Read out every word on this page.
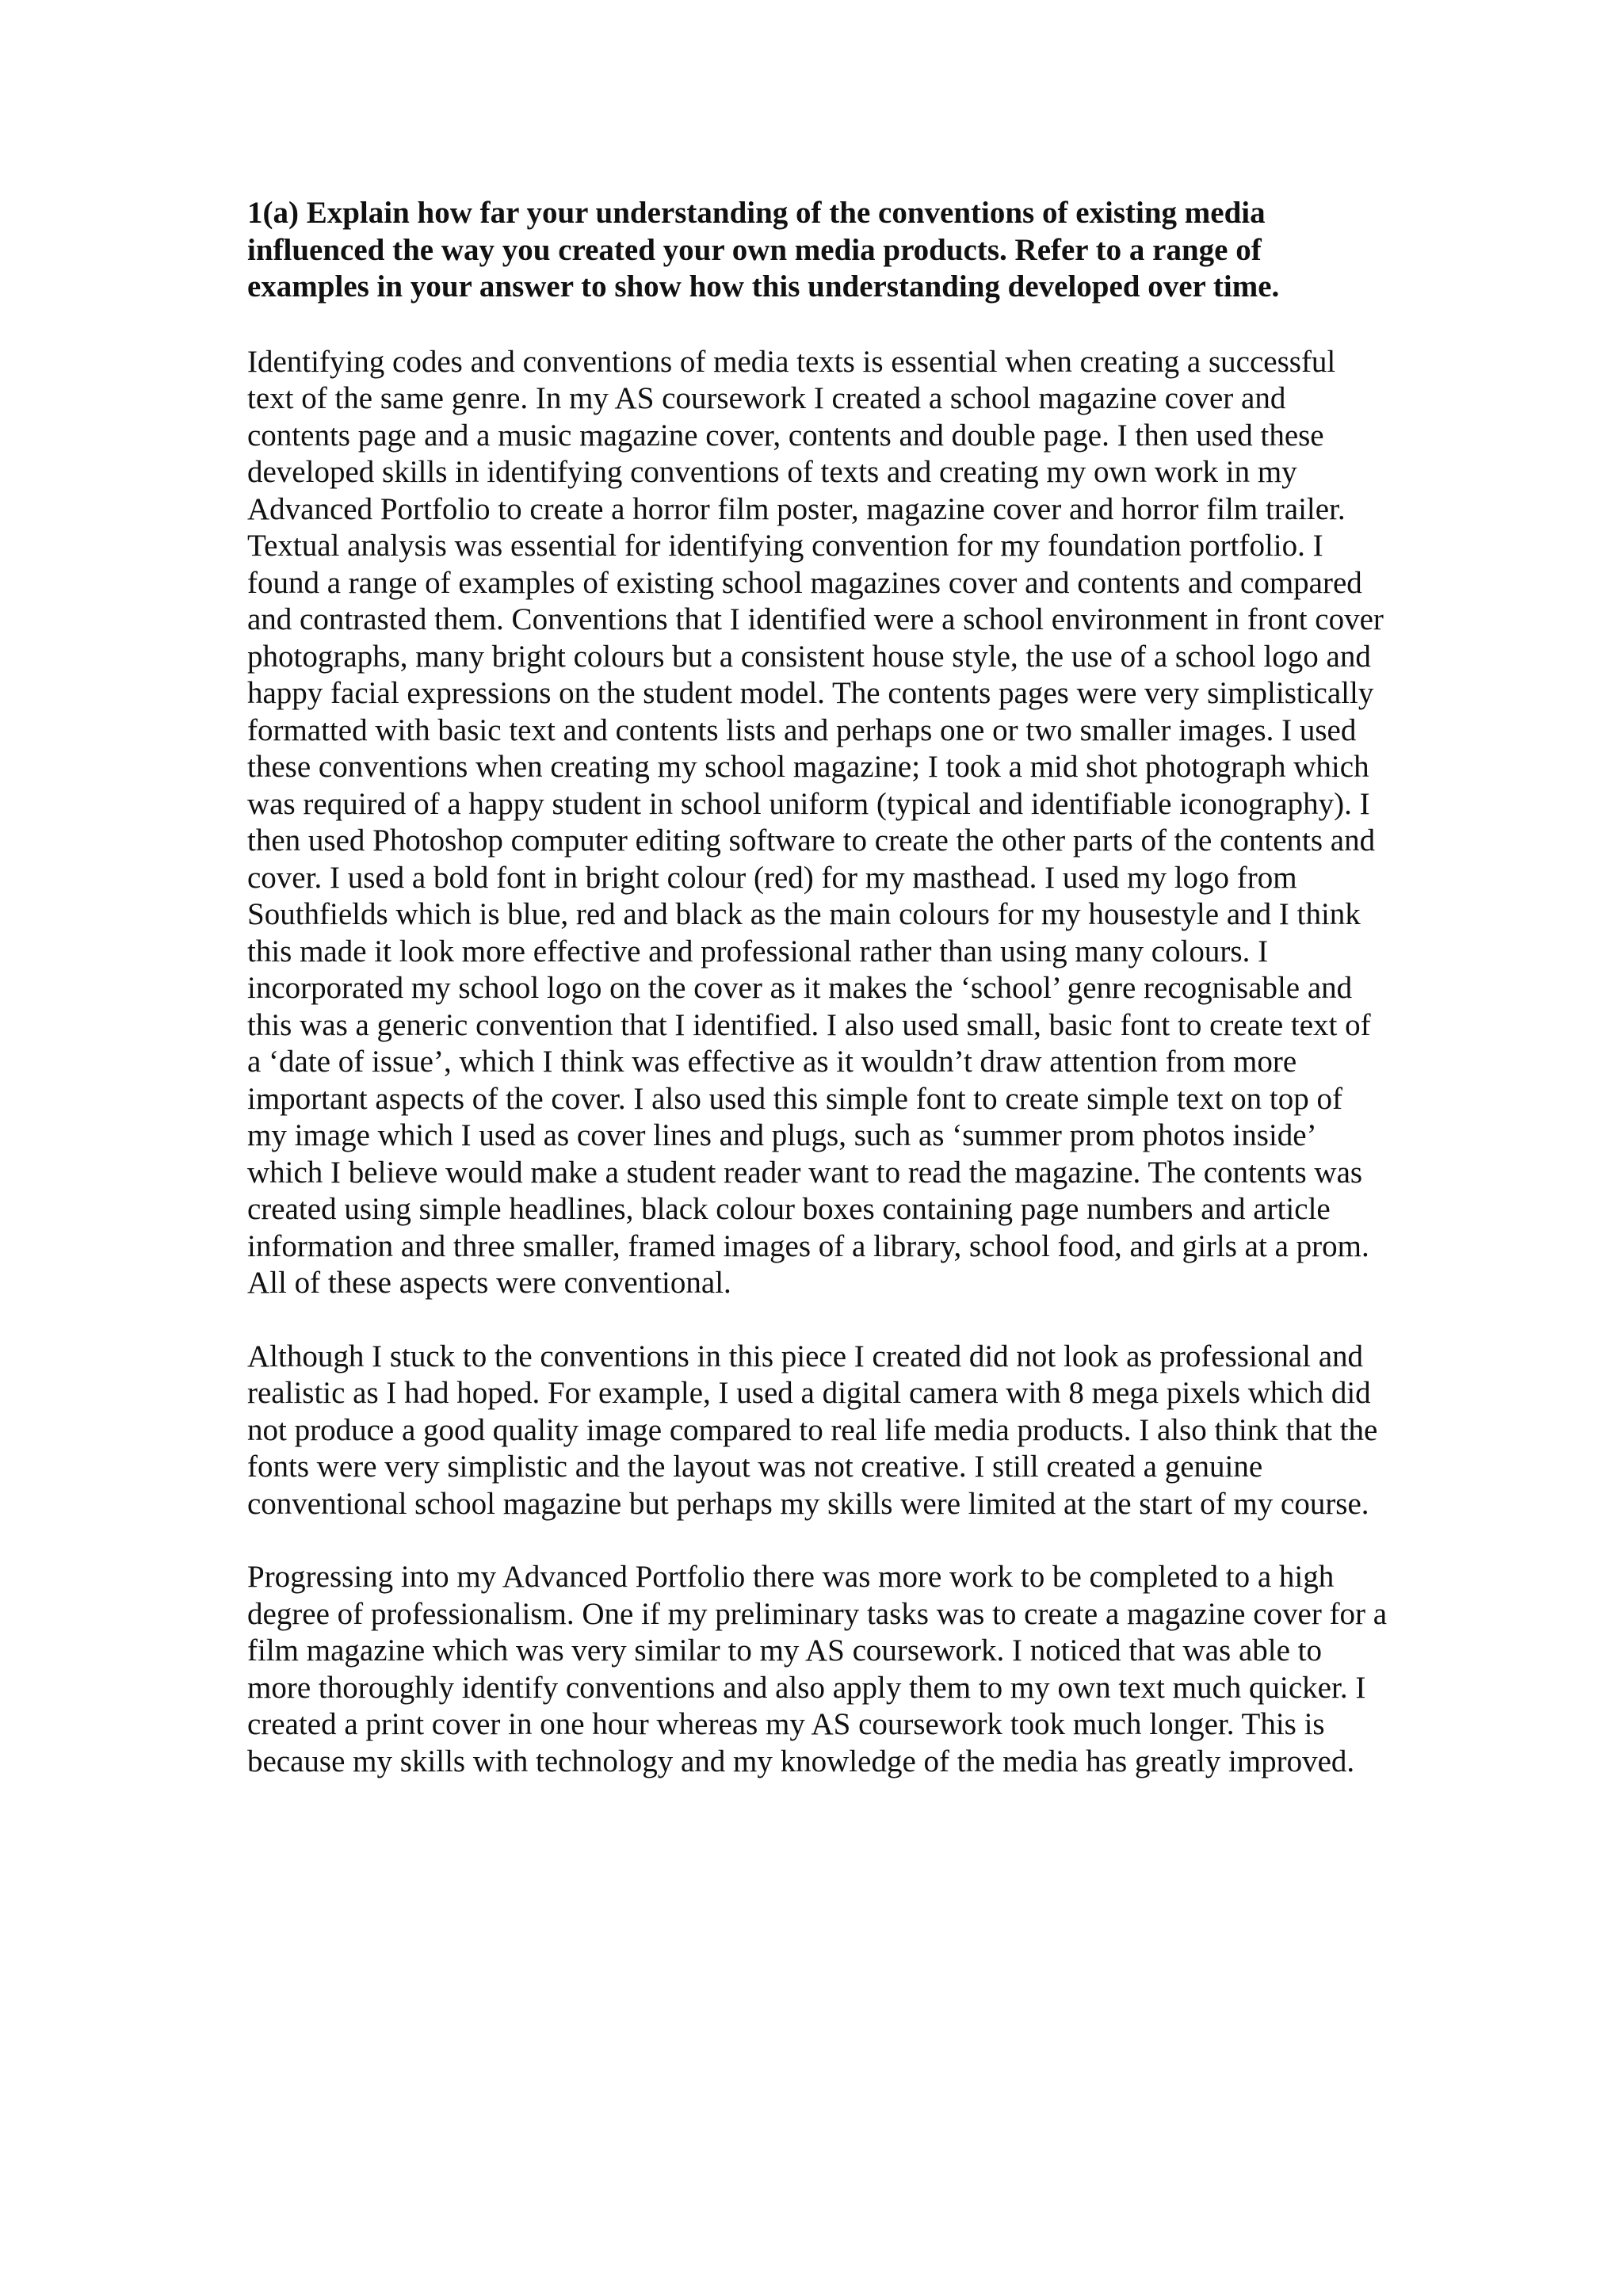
1(a) Explain how far your understanding of the conventions of existing media influenced the way you created your own media products. Refer to a range of examples in your answer to show how this understanding developed over time.

Identifying codes and conventions of media texts is essential when creating a successful text of the same genre. In my AS coursework I created a school magazine cover and contents page and a music magazine cover, contents and double page. I then used these developed skills in identifying conventions of texts and creating my own work in my Advanced Portfolio to create a horror film poster, magazine cover and horror film trailer.

Textual analysis was essential for identifying convention for my foundation portfolio. I found a range of examples of existing school magazines cover and contents and compared and contrasted them. Conventions that I identified were a school environment in front cover photographs, many bright colours but a consistent house style, the use of a school logo and happy facial expressions on the student model. The contents pages were very simplistically formatted with basic text and contents lists and perhaps one or two smaller images. I used these conventions when creating my school magazine; I took a mid shot photograph which was required of a happy student in school uniform (typical and identifiable iconography). I then used Photoshop computer editing software to create the other parts of the contents and cover. I used a bold font in bright colour (red) for my masthead. I used my logo from Southfields which is blue, red and black as the main colours for my housestyle and I think this made it look more effective and professional rather than using many colours. I incorporated my school logo on the cover as it makes the ‘school’ genre recognisable and this was a generic convention that I identified. I also used small, basic font to create text of a ‘date of issue’, which I think was effective as it wouldn’t draw attention from more important aspects of the cover. I also used this simple font to create simple text on top of my image which I used as cover lines and plugs, such as ‘summer prom photos inside’ which I believe would make a student reader want to read the magazine. The contents was created using simple headlines, black colour boxes containing page numbers and article information and three smaller, framed images of a library, school food, and girls at a prom. All of these aspects were conventional.

Although I stuck to the conventions in this piece I created did not look as professional and realistic as I had hoped. For example, I used a digital camera with 8 mega pixels which did not produce a good quality image compared to real life media products. I also think that the fonts were very simplistic and the layout was not creative. I still created a genuine conventional school magazine but perhaps my skills were limited at the start of my course.

Progressing into my Advanced Portfolio there was more work to be completed to a high degree of professionalism. One if my preliminary tasks was to create a magazine cover for a film magazine which was very similar to my AS coursework. I noticed that was able to more thoroughly identify conventions and also apply them to my own text much quicker. I created a print cover in one hour whereas my AS coursework took much longer. This is because my skills with technology and my knowledge of the media has greatly improved.
